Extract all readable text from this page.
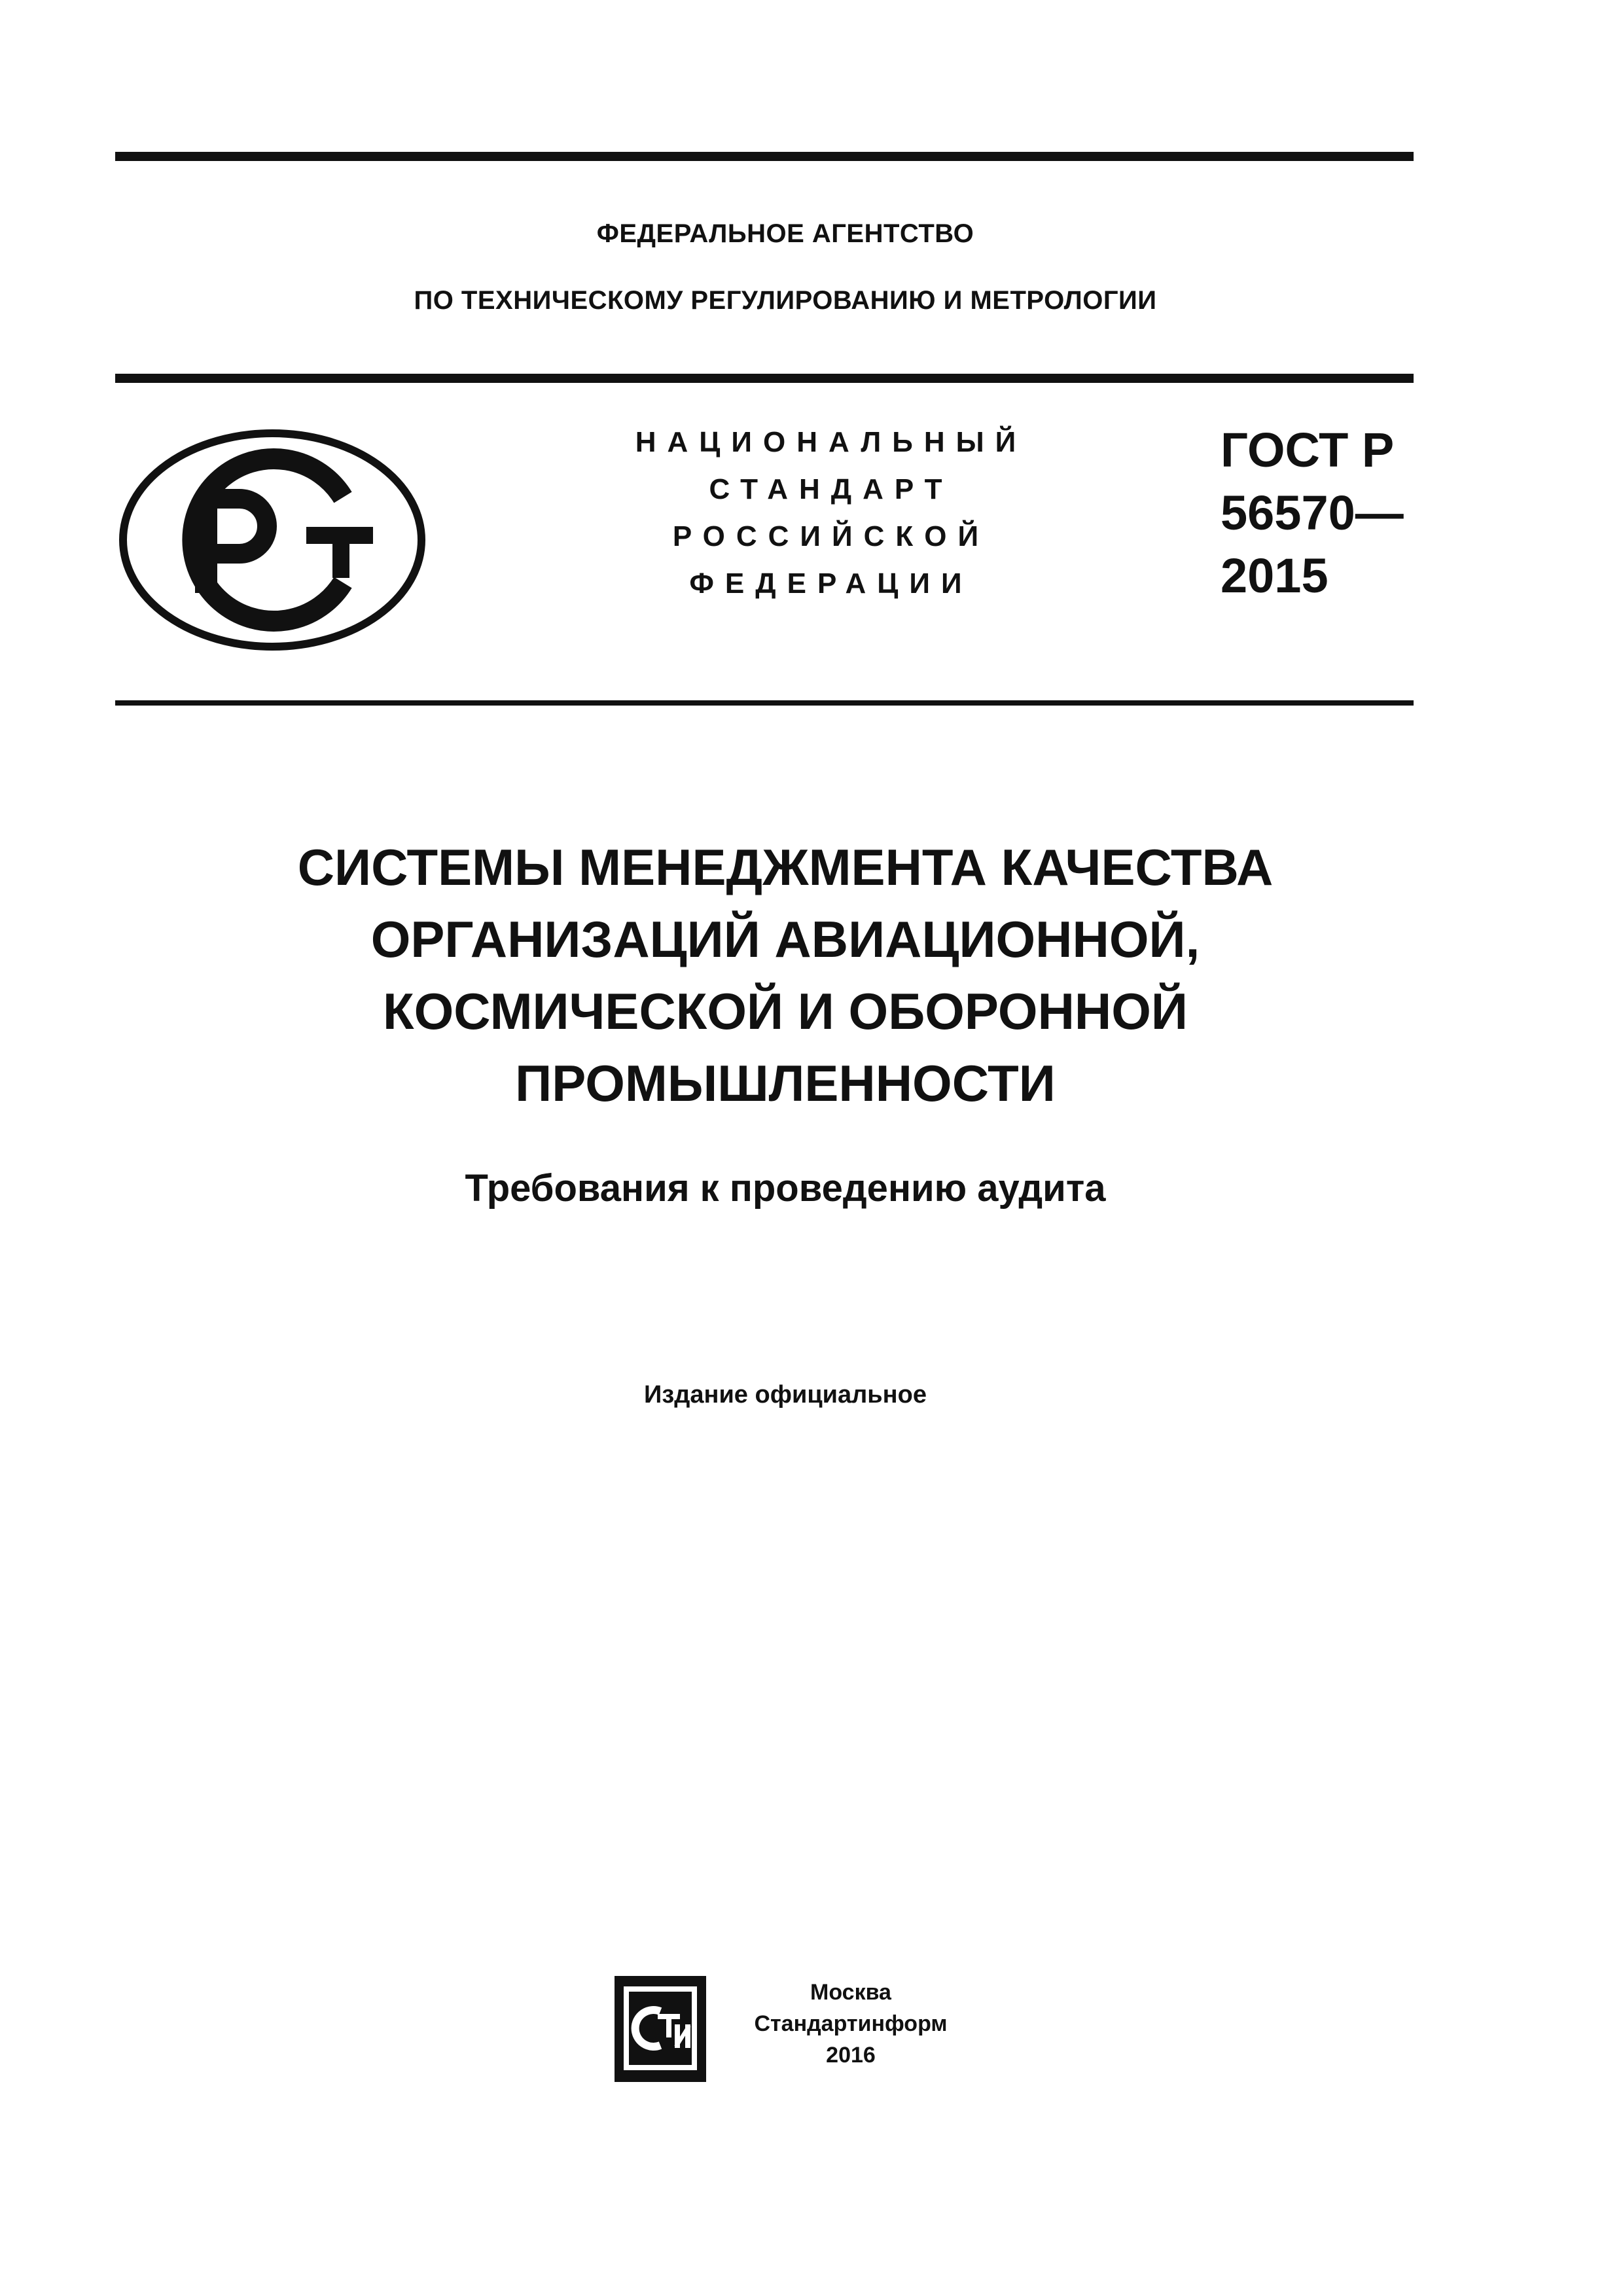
ФЕДЕРАЛЬНОЕ АГЕНТСТВО
ПО ТЕХНИЧЕСКОМУ РЕГУЛИРОВАНИЮ И МЕТРОЛОГИИ
НАЦИОНАЛЬНЫЙ
СТАНДАРТ
РОССИЙСКОЙ
ФЕДЕРАЦИИ
ГОСТ Р
56570—
2015
СИСТЕМЫ МЕНЕДЖМЕНТА КАЧЕСТВА
ОРГАНИЗАЦИЙ АВИАЦИОННОЙ,
КОСМИЧЕСКОЙ И ОБОРОННОЙ
ПРОМЫШЛЕННОСТИ
Требования к проведению аудита
Издание официальное
Москва
Стандартинформ
2016
